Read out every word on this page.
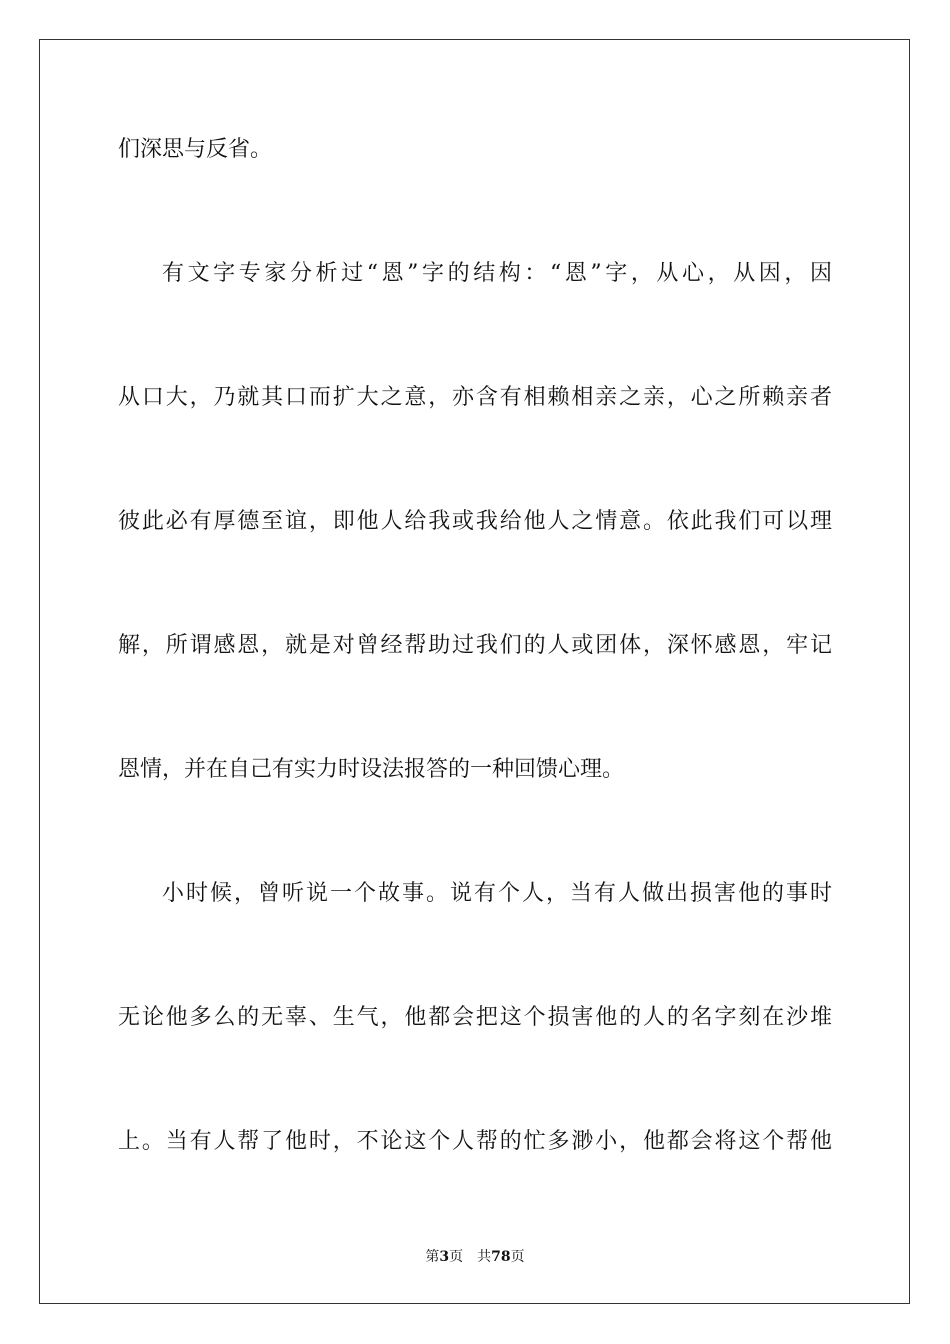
们深思与反省。
有文字专家分析过“恩”字的结构：“恩”字，从心，从因，因
从口大，乃就其口而扩大之意，亦含有相赖相亲之亲，心之所赖亲者
彼此必有厚德至谊，即他人给我或我给他人之情意。依此我们可以理
解，所谓感恩，就是对曾经帮助过我们的人或团体，深怀感恩，牢记
恩情，并在自己有实力时设法报答的一种回馈心理。
小时候，曾听说一个故事。说有个人，当有人做出损害他的事时
无论他多么的无辜、生气，他都会把这个损害他的人的名字刻在沙堆
上。当有人帮了他时，不论这个人帮的忙多渺小，他都会将这个帮他
第3页 共78页
